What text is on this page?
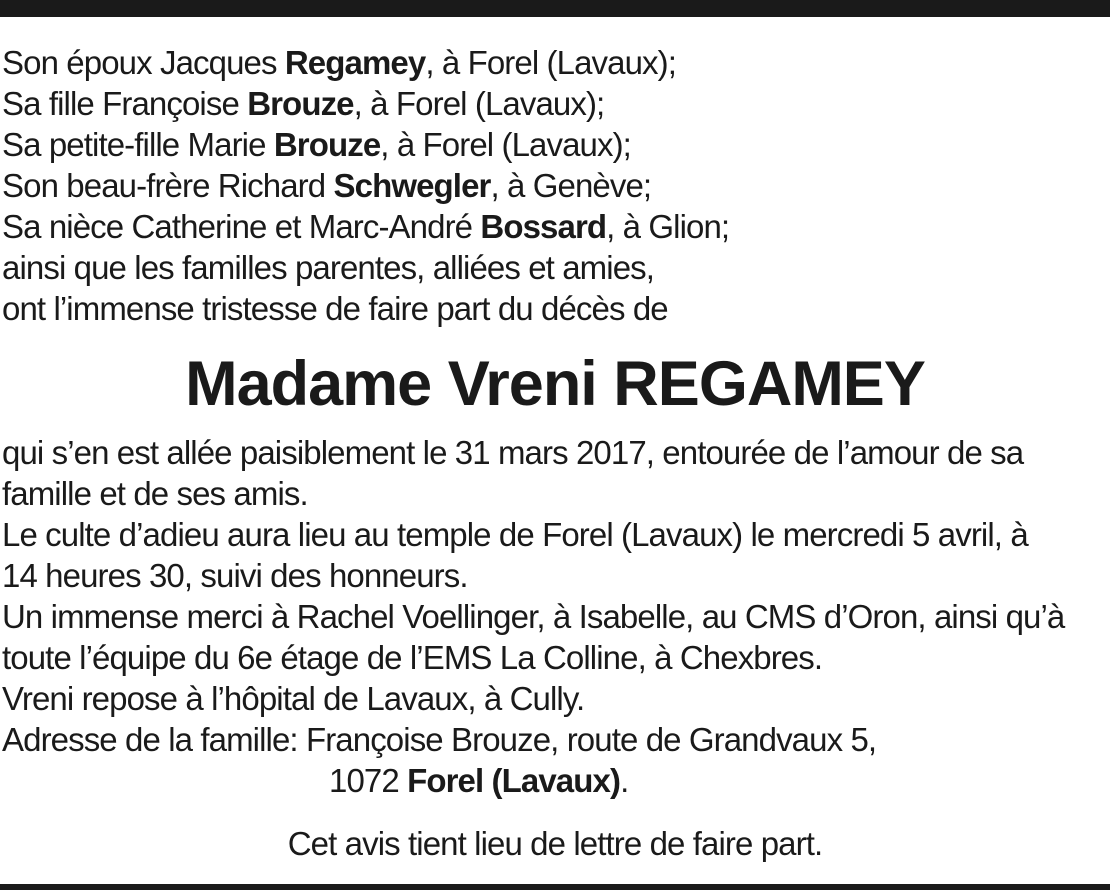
Son époux Jacques Regamey, à Forel (Lavaux);
Sa fille Françoise Brouze, à Forel (Lavaux);
Sa petite-fille Marie Brouze, à Forel (Lavaux);
Son beau-frère Richard Schwegler, à Genève;
Sa nièce Catherine et Marc-André Bossard, à Glion;
ainsi que les familles parentes, alliées et amies,
ont l’immense tristesse de faire part du décès de
Madame Vreni REGAMEY
qui s’en est allée paisiblement le 31 mars 2017, entourée de l’amour de sa
famille et de ses amis.
Le culte d’adieu aura lieu au temple de Forel (Lavaux) le mercredi 5 avril, à
14 heures 30, suivi des honneurs.
Un immense merci à Rachel Voellinger, à Isabelle, au CMS d’Oron, ainsi qu’à
toute l’équipe du 6e étage de l’EMS La Colline, à Chexbres.
Vreni repose à l’hôpital de Lavaux, à Cully.
Adresse de la famille: Françoise Brouze, route de Grandvaux 5,
1072 Forel (Lavaux).
Cet avis tient lieu de lettre de faire part.
